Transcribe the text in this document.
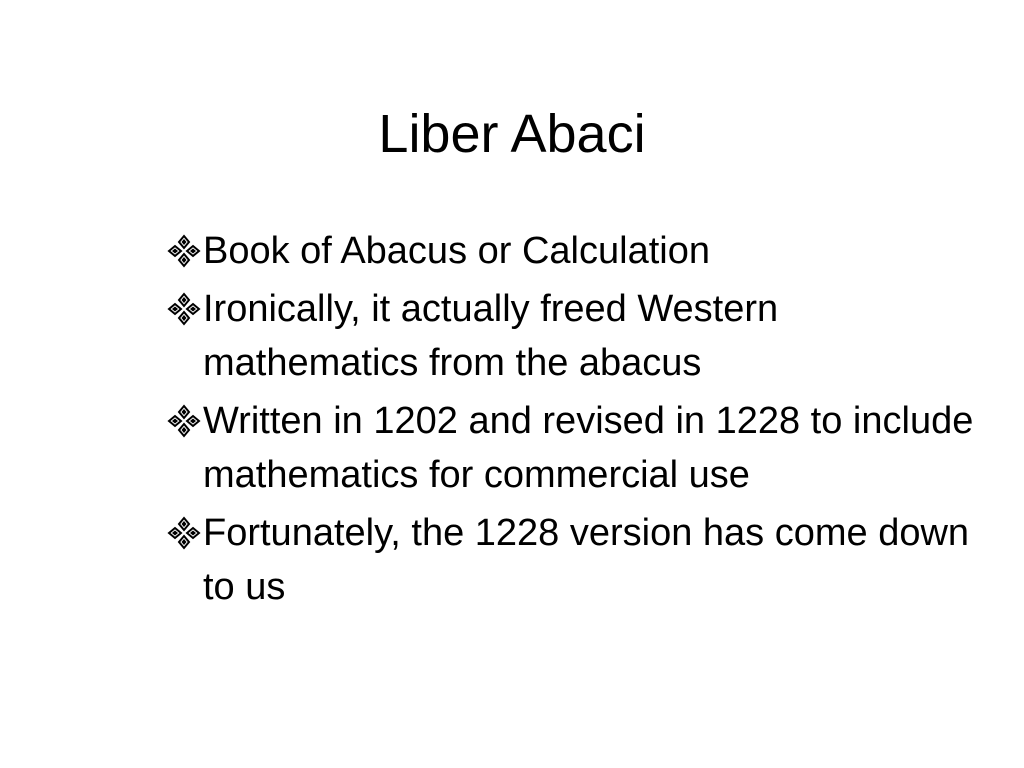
Liber Abaci
Book of Abacus or Calculation
Ironically, it actually freed Western mathematics from the abacus
Written in 1202 and revised in 1228 to include mathematics for commercial use
Fortunately, the 1228 version has come down to us
